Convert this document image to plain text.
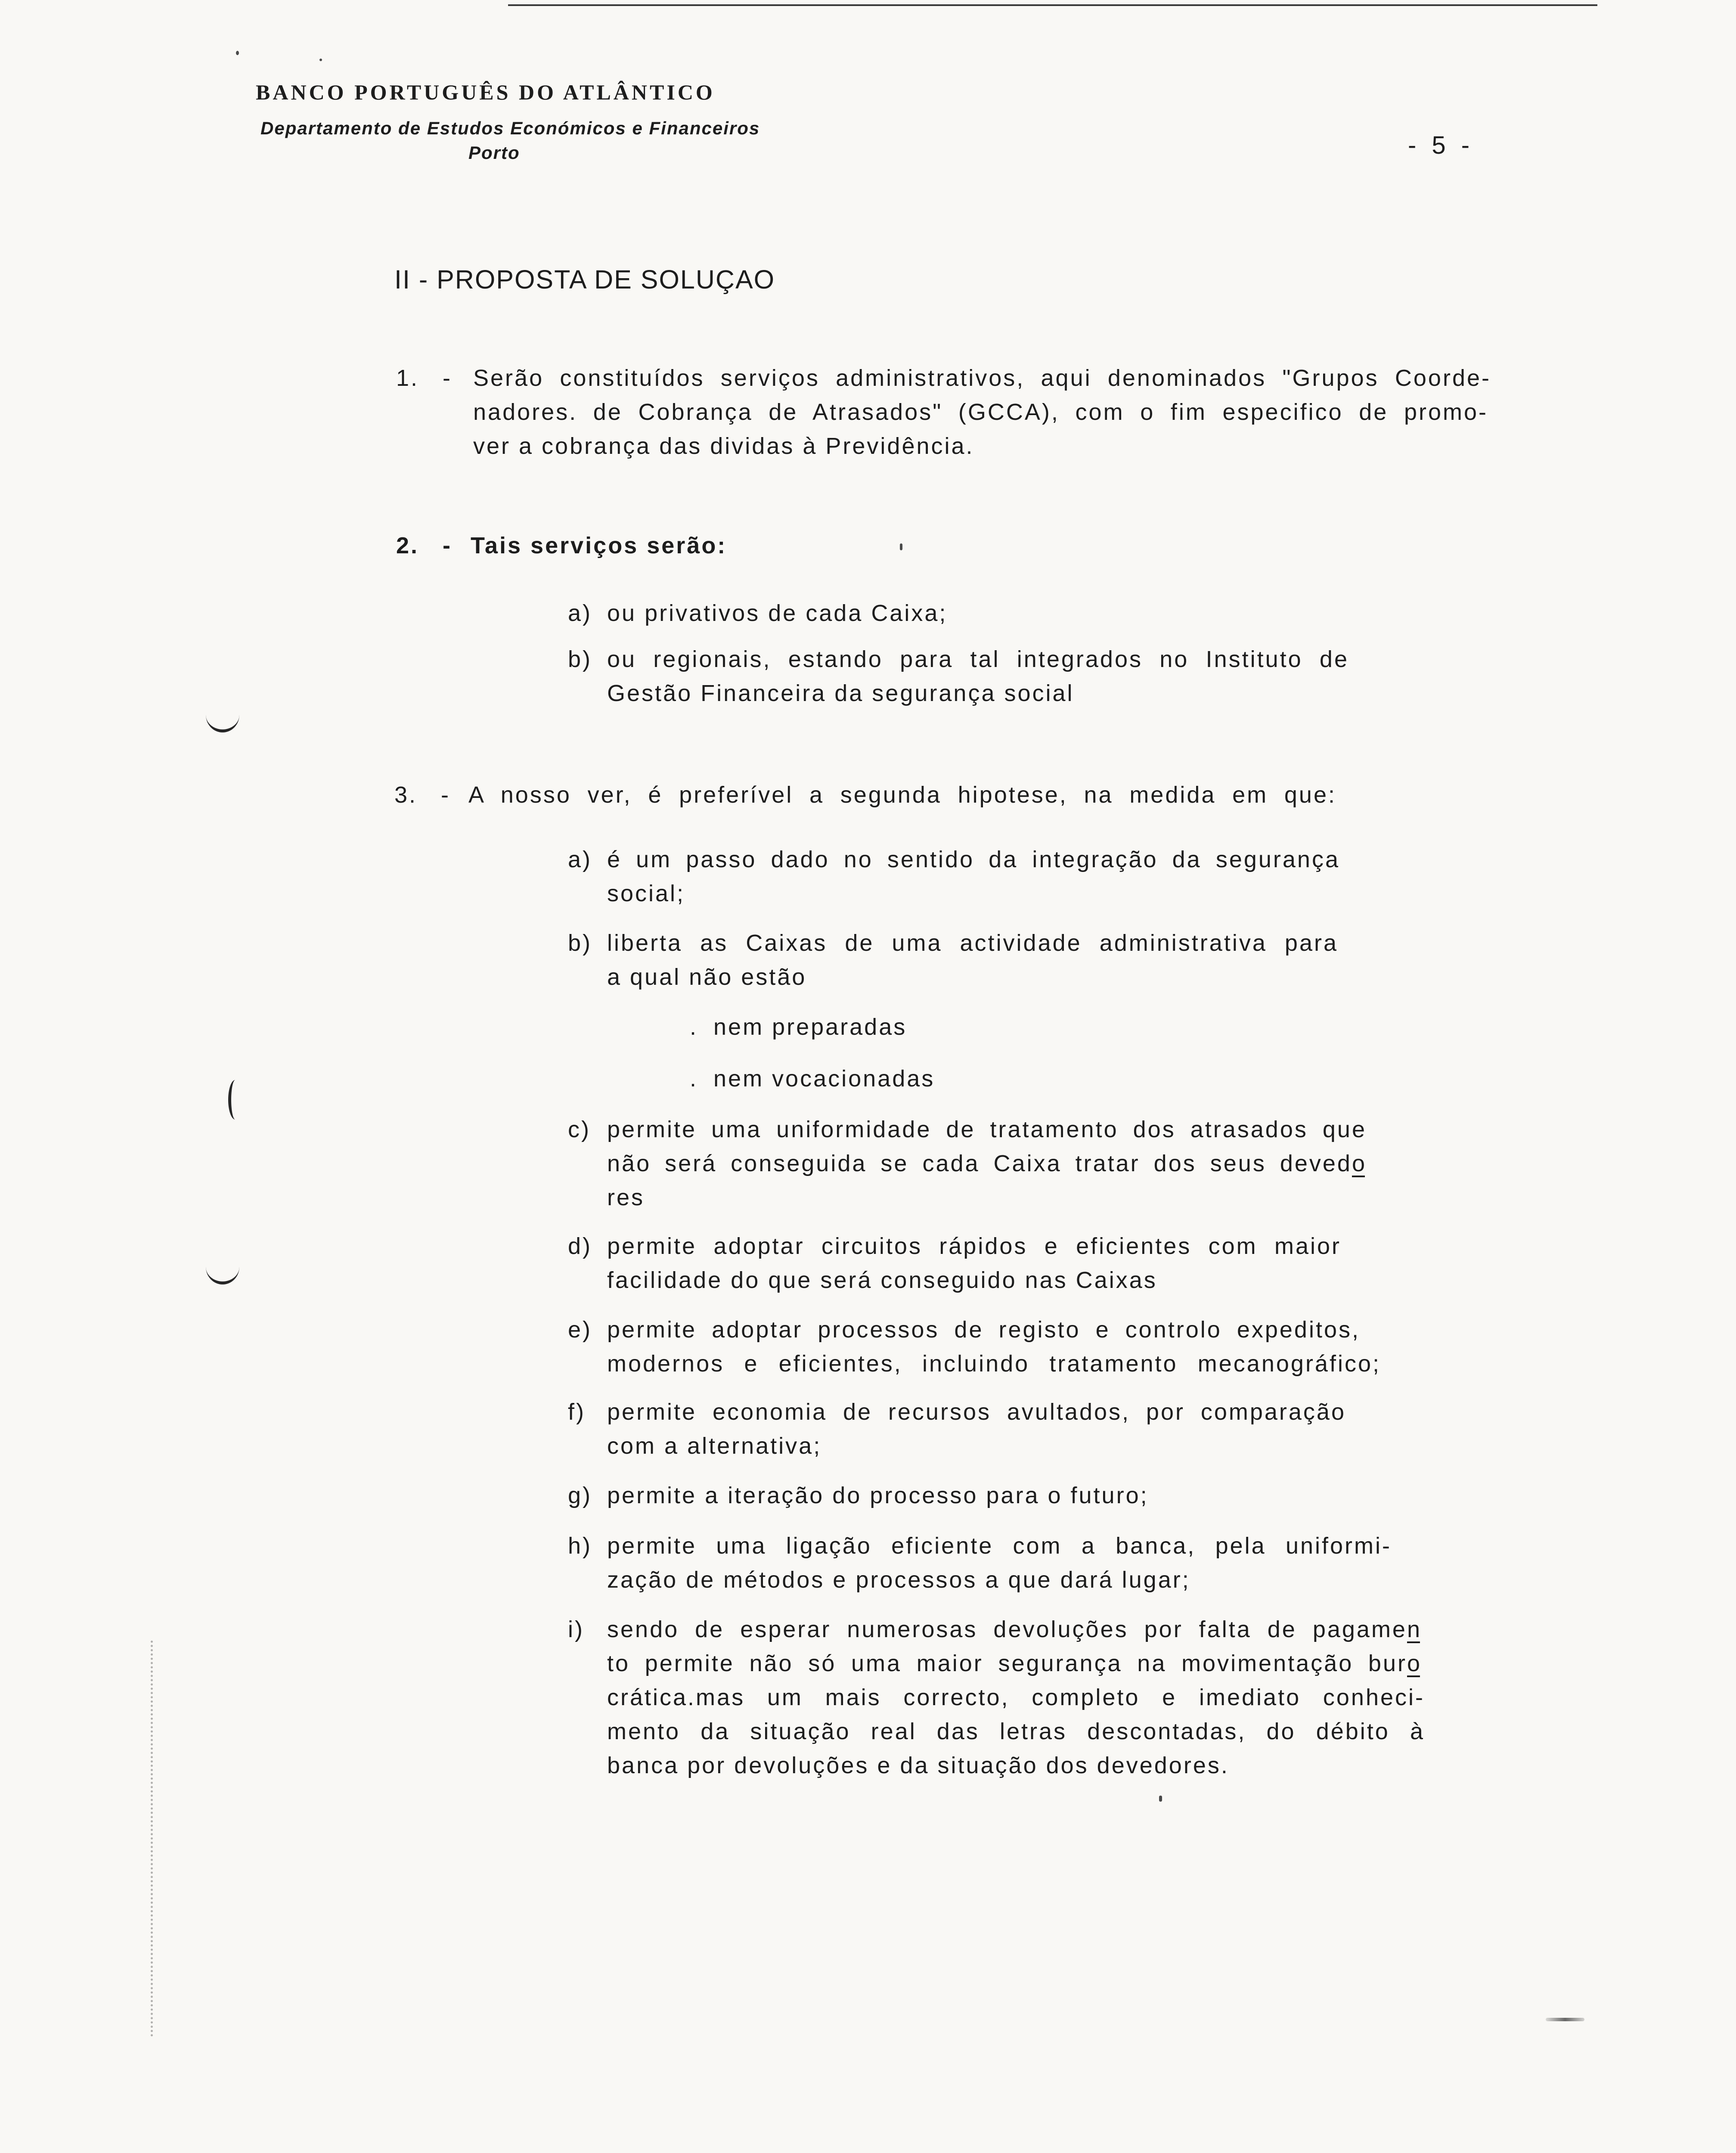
BANCO PORTUGUÊS DO ATLÂNTICO
Departamento de Estudos Económicos e Financeiros
Porto	- 5 -
II - PROPOSTA DE SOLUÇAO
1. - Serão constituídos serviços administrativos, aqui denominados "Grupos Coorde-
nadores. de Cobrança de Atrasados" (GCCA), com o fim especifico de promo-
ver a cobrança das dividas à Previdência.
2. - Tais serviços serão:
a) ou privativos de cada Caixa;
b) ou regionais, estando para tal integrados no Instituto de
Gestão Financeira da segurança social
3. - A nosso ver, é preferível a segunda hipotese, na medida em que:
a) é um passo dado no sentido da integração da segurança
social;
b) liberta as Caixas de uma actividade administrativa para
a qual não estão
. nem preparadas
. nem vocacionadas
c) permite uma uniformidade de tratamento dos atrasados que
não será conseguida se cada Caixa tratar dos seus devedo
res
d) permite adoptar circuitos rápidos e eficientes com maior
facilidade do que será conseguido nas Caixas
e) permite adoptar processos de registo e controlo expeditos,
modernos e eficientes, incluindo tratamento mecanográfico;
f) permite economia de recursos avultados, por comparação
com a alternativa;
g) permite a iteração do processo para o futuro;
h) permite uma ligação eficiente com a banca, pela uniformi-
zação de métodos e processos a que dará lugar;
i) sendo de esperar numerosas devoluções por falta de pagamen
to permite não só uma maior segurança na movimentação buro
crática.mas um mais correcto, completo e imediato conheci-
mento da situação real das letras descontadas, do débito à
banca por devoluções e da situação dos devedores.
